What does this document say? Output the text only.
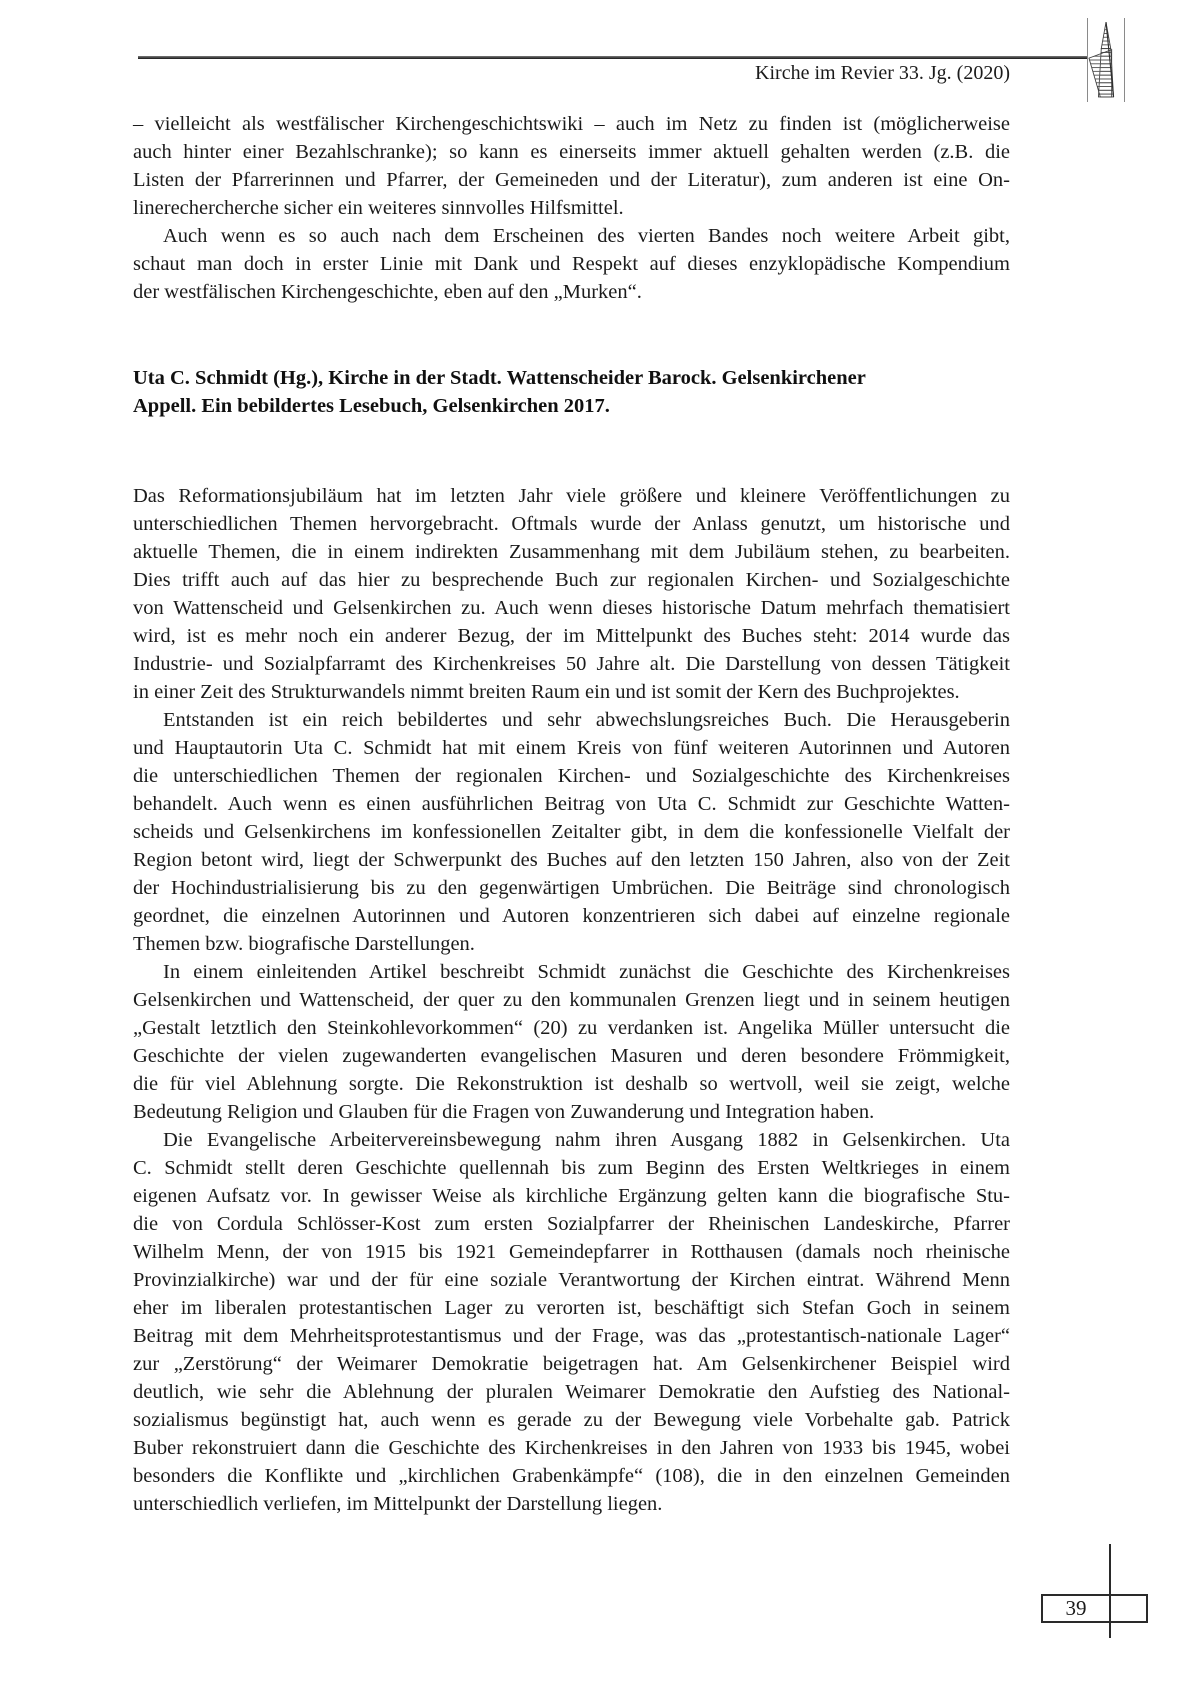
Kirche im Revier 33. Jg. (2020)
– vielleicht als westfälischer Kirchengeschichtswiki – auch im Netz zu finden ist (möglicherweise
auch hinter einer Bezahlschranke); so kann es einerseits immer aktuell gehalten werden (z.B. die
Listen der Pfarrerinnen und Pfarrer, der Gemeineden und der Literatur), zum anderen ist eine On-
linerechercherche sicher ein weiteres sinnvolles Hilfsmittel.
Auch wenn es so auch nach dem Erscheinen des vierten Bandes noch weitere Arbeit gibt,
schaut man doch in erster Linie mit Dank und Respekt auf dieses enzyklopädische Kompendium
der westfälischen Kirchengeschichte, eben auf den „Murken“.
Uta C. Schmidt (Hg.), Kirche in der Stadt. Wattenscheider Barock. Gelsenkirchener
Appell. Ein bebildertes Lesebuch, Gelsenkirchen 2017.
Das Reformationsjubiläum hat im letzten Jahr viele größere und kleinere Veröffentlichungen zu
unterschiedlichen Themen hervorgebracht. Oftmals wurde der Anlass genutzt, um historische und
aktuelle Themen, die in einem indirekten Zusammenhang mit dem Jubiläum stehen, zu bearbeiten.
Dies trifft auch auf das hier zu besprechende Buch zur regionalen Kirchen- und Sozialgeschichte
von Wattenscheid und Gelsenkirchen zu. Auch wenn dieses historische Datum mehrfach thematisiert
wird, ist es mehr noch ein anderer Bezug, der im Mittelpunkt des Buches steht: 2014 wurde das
Industrie- und Sozialpfarramt des Kirchenkreises 50 Jahre alt. Die Darstellung von dessen Tätigkeit
in einer Zeit des Strukturwandels nimmt breiten Raum ein und ist somit der Kern des Buchprojektes.
Entstanden ist ein reich bebildertes und sehr abwechslungsreiches Buch. Die Herausgeberin
und Hauptautorin Uta C. Schmidt hat mit einem Kreis von fünf weiteren Autorinnen und Autoren
die unterschiedlichen Themen der regionalen Kirchen- und Sozialgeschichte des Kirchenkreises
behandelt. Auch wenn es einen ausführlichen Beitrag von Uta C. Schmidt zur Geschichte Watten-
scheids und Gelsenkirchens im konfessionellen Zeitalter gibt, in dem die konfessionelle Vielfalt der
Region betont wird, liegt der Schwerpunkt des Buches auf den letzten 150 Jahren, also von der Zeit
der Hochindustrialisierung bis zu den gegenwärtigen Umbrüchen. Die Beiträge sind chronologisch
geordnet, die einzelnen Autorinnen und Autoren konzentrieren sich dabei auf einzelne regionale
Themen bzw. biografische Darstellungen.
In einem einleitenden Artikel beschreibt Schmidt zunächst die Geschichte des Kirchenkreises
Gelsenkirchen und Wattenscheid, der quer zu den kommunalen Grenzen liegt und in seinem heutigen
„Gestalt letztlich den Steinkohlevorkommen“ (20) zu verdanken ist. Angelika Müller untersucht die
Geschichte der vielen zugewanderten evangelischen Masuren und deren besondere Frömmigkeit,
die für viel Ablehnung sorgte. Die Rekonstruktion ist deshalb so wertvoll, weil sie zeigt, welche
Bedeutung Religion und Glauben für die Fragen von Zuwanderung und Integration haben.
Die Evangelische Arbeitervereinsbewegung nahm ihren Ausgang 1882 in Gelsenkirchen. Uta
C. Schmidt stellt deren Geschichte quellennah bis zum Beginn des Ersten Weltkrieges in einem
eigenen Aufsatz vor. In gewisser Weise als kirchliche Ergänzung gelten kann die biografische Stu-
die von Cordula Schlösser-Kost zum ersten Sozialpfarrer der Rheinischen Landeskirche, Pfarrer
Wilhelm Menn, der von 1915 bis 1921 Gemeindepfarrer in Rotthausen (damals noch rheinische
Provinzialkirche) war und der für eine soziale Verantwortung der Kirchen eintrat. Während Menn
eher im liberalen protestantischen Lager zu verorten ist, beschäftigt sich Stefan Goch in seinem
Beitrag mit dem Mehrheitsprotestantismus und der Frage, was das „protestantisch-nationale Lager“
zur „Zerstörung“ der Weimarer Demokratie beigetragen hat. Am Gelsenkirchener Beispiel wird
deutlich, wie sehr die Ablehnung der pluralen Weimarer Demokratie den Aufstieg des National-
sozialismus begünstigt hat, auch wenn es gerade zu der Bewegung viele Vorbehalte gab. Patrick
Buber rekonstruiert dann die Geschichte des Kirchenkreises in den Jahren von 1933 bis 1945, wobei
besonders die Konflikte und „kirchlichen Grabenkämpfe“ (108), die in den einzelnen Gemeinden
unterschiedlich verliefen, im Mittelpunkt der Darstellung liegen.
39
